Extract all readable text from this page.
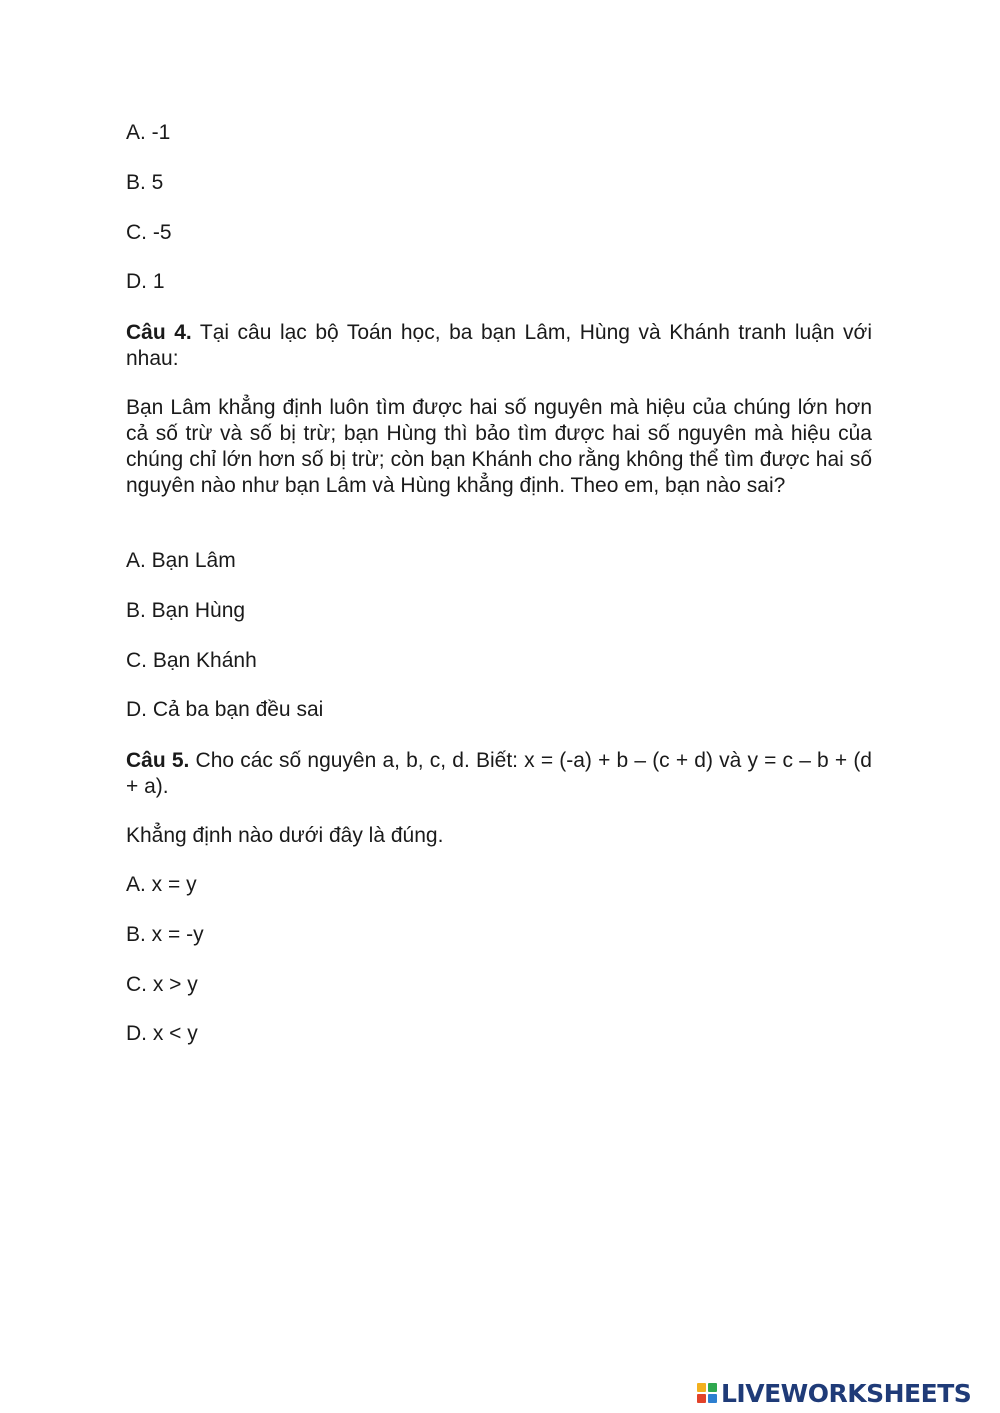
A. -1
B. 5
C. -5
D. 1
Câu 4. Tại câu lạc bộ Toán học, ba bạn Lâm, Hùng và Khánh tranh luận với nhau:
Bạn Lâm khẳng định luôn tìm được hai số nguyên mà hiệu của chúng lớn hơn cả số trừ và số bị trừ; bạn Hùng thì bảo tìm được hai số nguyên mà hiệu của chúng chỉ lớn hơn số bị trừ; còn bạn Khánh cho rằng không thể tìm được hai số nguyên nào như bạn Lâm và Hùng khẳng định. Theo em, bạn nào sai?
A. Bạn Lâm
B. Bạn Hùng
C. Bạn Khánh
D. Cả ba bạn đều sai
Câu 5. Cho các số nguyên a, b, c, d. Biết: x = (-a) + b – (c + d) và y = c – b + (d + a).
Khẳng định nào dưới đây là đúng.
A. x = y
B. x = -y
C. x > y
D. x < y
LIVEWORKSHEETS
